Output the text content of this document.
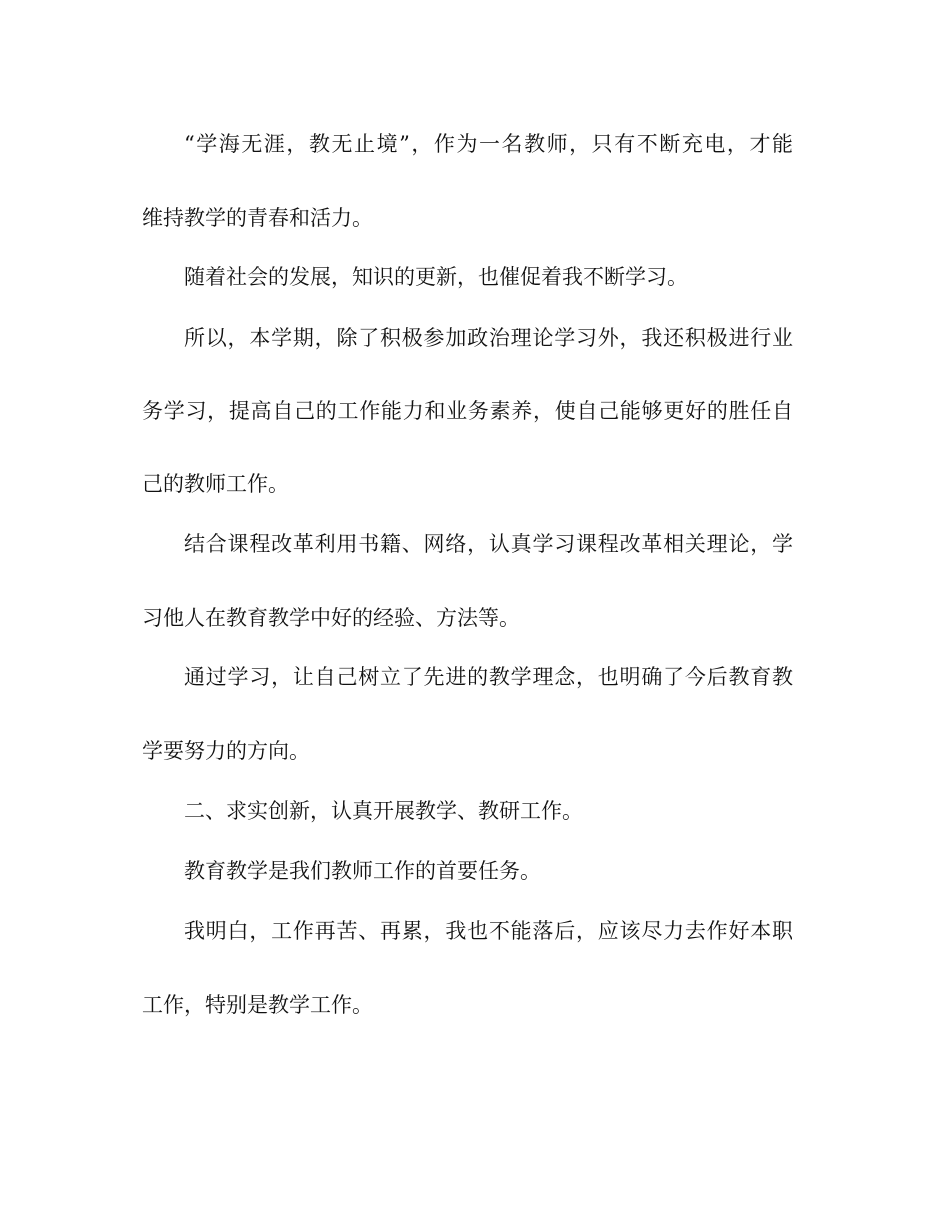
“学海无涯，教无止境”，作为一名教师，只有不断充电，才能
维持教学的青春和活力。
随着社会的发展，知识的更新，也催促着我不断学习。
所以，本学期，除了积极参加政治理论学习外，我还积极进行业
务学习，提高自己的工作能力和业务素养，使自己能够更好的胜任自
己的教师工作。
结合课程改革利用书籍、网络，认真学习课程改革相关理论，学
习他人在教育教学中好的经验、方法等。
通过学习，让自己树立了先进的教学理念，也明确了今后教育教
学要努力的方向。
二、求实创新，认真开展教学、教研工作。
教育教学是我们教师工作的首要任务。
我明白，工作再苦、再累，我也不能落后，应该尽力去作好本职
工作，特别是教学工作。
